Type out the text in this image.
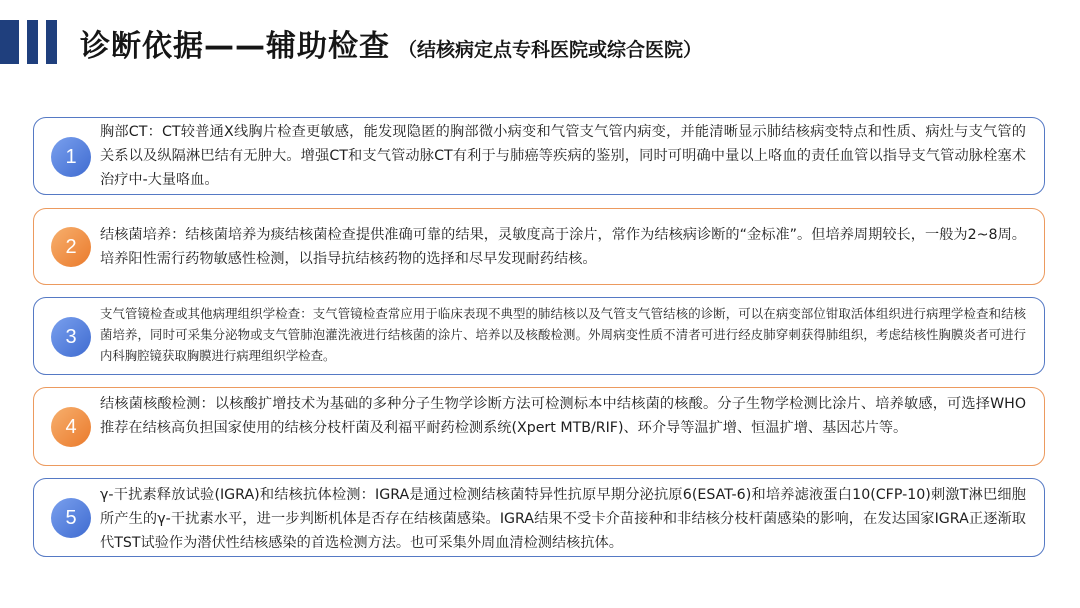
诊断依据——辅助检查 （结核病定点专科医院或综合医院）
1
胸部CT：CT较普通X线胸片检查更敏感，能发现隐匿的胸部微小病变和气管支气管内病变，并能清晰显示肺结核病变特点和性质、病灶与支气管的关系以及纵隔淋巴结有无肿大。增强CT和支气管动脉CT有利于与肺癌等疾病的鉴别，同时可明确中量以上咯血的责任血管以指导支气管动脉栓塞术治疗中-大量咯血。
2
结核菌培养：结核菌培养为痰结核菌检查提供准确可靠的结果，灵敏度高于涂片，常作为结核病诊断的“金标准”。但培养周期较长，一般为2~8周。培养阳性需行药物敏感性检测，以指导抗结核药物的选择和尽早发现耐药结核。
3
支气管镜检查或其他病理组织学检查：支气管镜检查常应用于临床表现不典型的肺结核以及气管支气管结核的诊断，可以在病变部位钳取活体组织进行病理学检查和结核菌培养，同时可采集分泌物或支气管肺泡灌洗液进行结核菌的涂片、培养以及核酸检测。外周病变性质不清者可进行经皮肺穿刺获得肺组织，考虑结核性胸膜炎者可进行内科胸腔镜获取胸膜进行病理组织学检查。
4
结核菌核酸检测：以核酸扩增技术为基础的多种分子生物学诊断方法可检测标本中结核菌的核酸。分子生物学检测比涂片、培养敏感，可选择WHO推荐在结核高负担国家使用的结核分枝杆菌及利福平耐药检测系统(Xpert MTB/RIF)、环介导等温扩增、恒温扩增、基因芯片等。
5
γ-干扰素释放试验(IGRA)和结核抗体检测：IGRA是通过检测结核菌特异性抗原早期分泌抗原6(ESAT-6)和培养滤液蛋白10(CFP-10)刺激T淋巴细胞所产生的γ-干扰素水平，进一步判断机体是否存在结核菌感染。IGRA结果不受卡介苗接种和非结核分枝杆菌感染的影响，在发达国家IGRA正逐渐取代TST试验作为潜伏性结核感染的首选检测方法。也可采集外周血清检测结核抗体。
